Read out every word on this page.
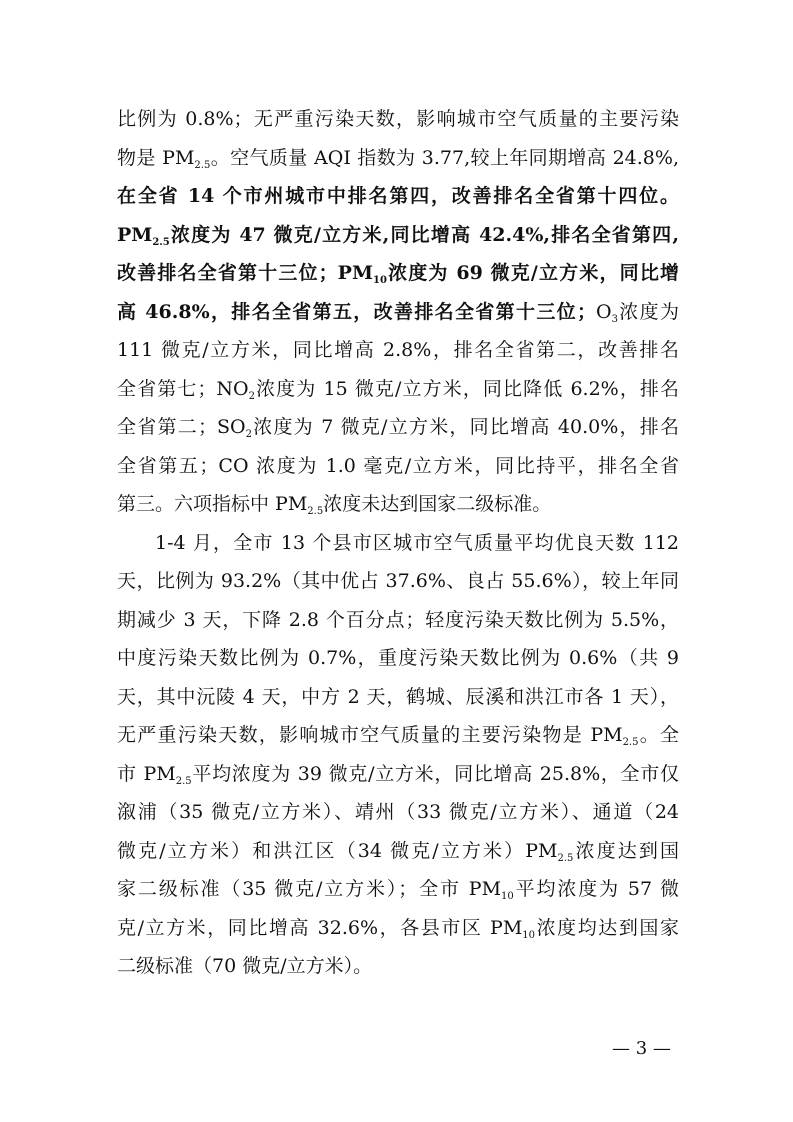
比例为 0.8%；无严重污染天数，影响城市空气质量的主要污染
物是 $PM_{2.5}$。空气质量 AQI 指数为 3.77,较上年同期增高 24.8%,
在全省 14 个市州城市中排名第四，改善排名全省第十四位。
$PM_{2.5}$浓度为 47 微克/立方米,同比增高 42.4%,排名全省第四,
改善排名全省第十三位；$PM_{10}$浓度为 69 微克/立方米，同比增
高 46.8%，排名全省第五，改善排名全省第十三位；$O_3$浓度为
111 微克/立方米，同比增高 2.8%，排名全省第二，改善排名
全省第七；$NO_2$浓度为 15 微克/立方米，同比降低 6.2%，排名
全省第二；$SO_2$浓度为 7 微克/立方米，同比增高 40.0%，排名
全省第五；CO 浓度为 1.0 毫克/立方米，同比持平，排名全省
第三。六项指标中 $PM_{2.5}$浓度未达到国家二级标准。
1-4 月，全市 13 个县市区城市空气质量平均优良天数 112
天，比例为 93.2%（其中优占 37.6%、良占 55.6%），较上年同
期减少 3 天，下降 2.8 个百分点；轻度污染天数比例为 5.5%，
中度污染天数比例为 0.7%，重度污染天数比例为 0.6%（共 9
天，其中沅陵 4 天，中方 2 天，鹤城、辰溪和洪江市各 1 天），
无严重污染天数，影响城市空气质量的主要污染物是 $PM_{2.5}$。全
市 $PM_{2.5}$平均浓度为 39 微克/立方米，同比增高 25.8%，全市仅
溆浦（35 微克/立方米）、靖州（33 微克/立方米）、通道（24
微克/立方米）和洪江区（34 微克/立方米）$PM_{2.5}$浓度达到国
家二级标准（35 微克/立方米）；全市 $PM_{10}$平均浓度为 57 微
克/立方米，同比增高 32.6%，各县市区 $PM_{10}$浓度均达到国家
二级标准（70 微克/立方米）。
— 3 —
